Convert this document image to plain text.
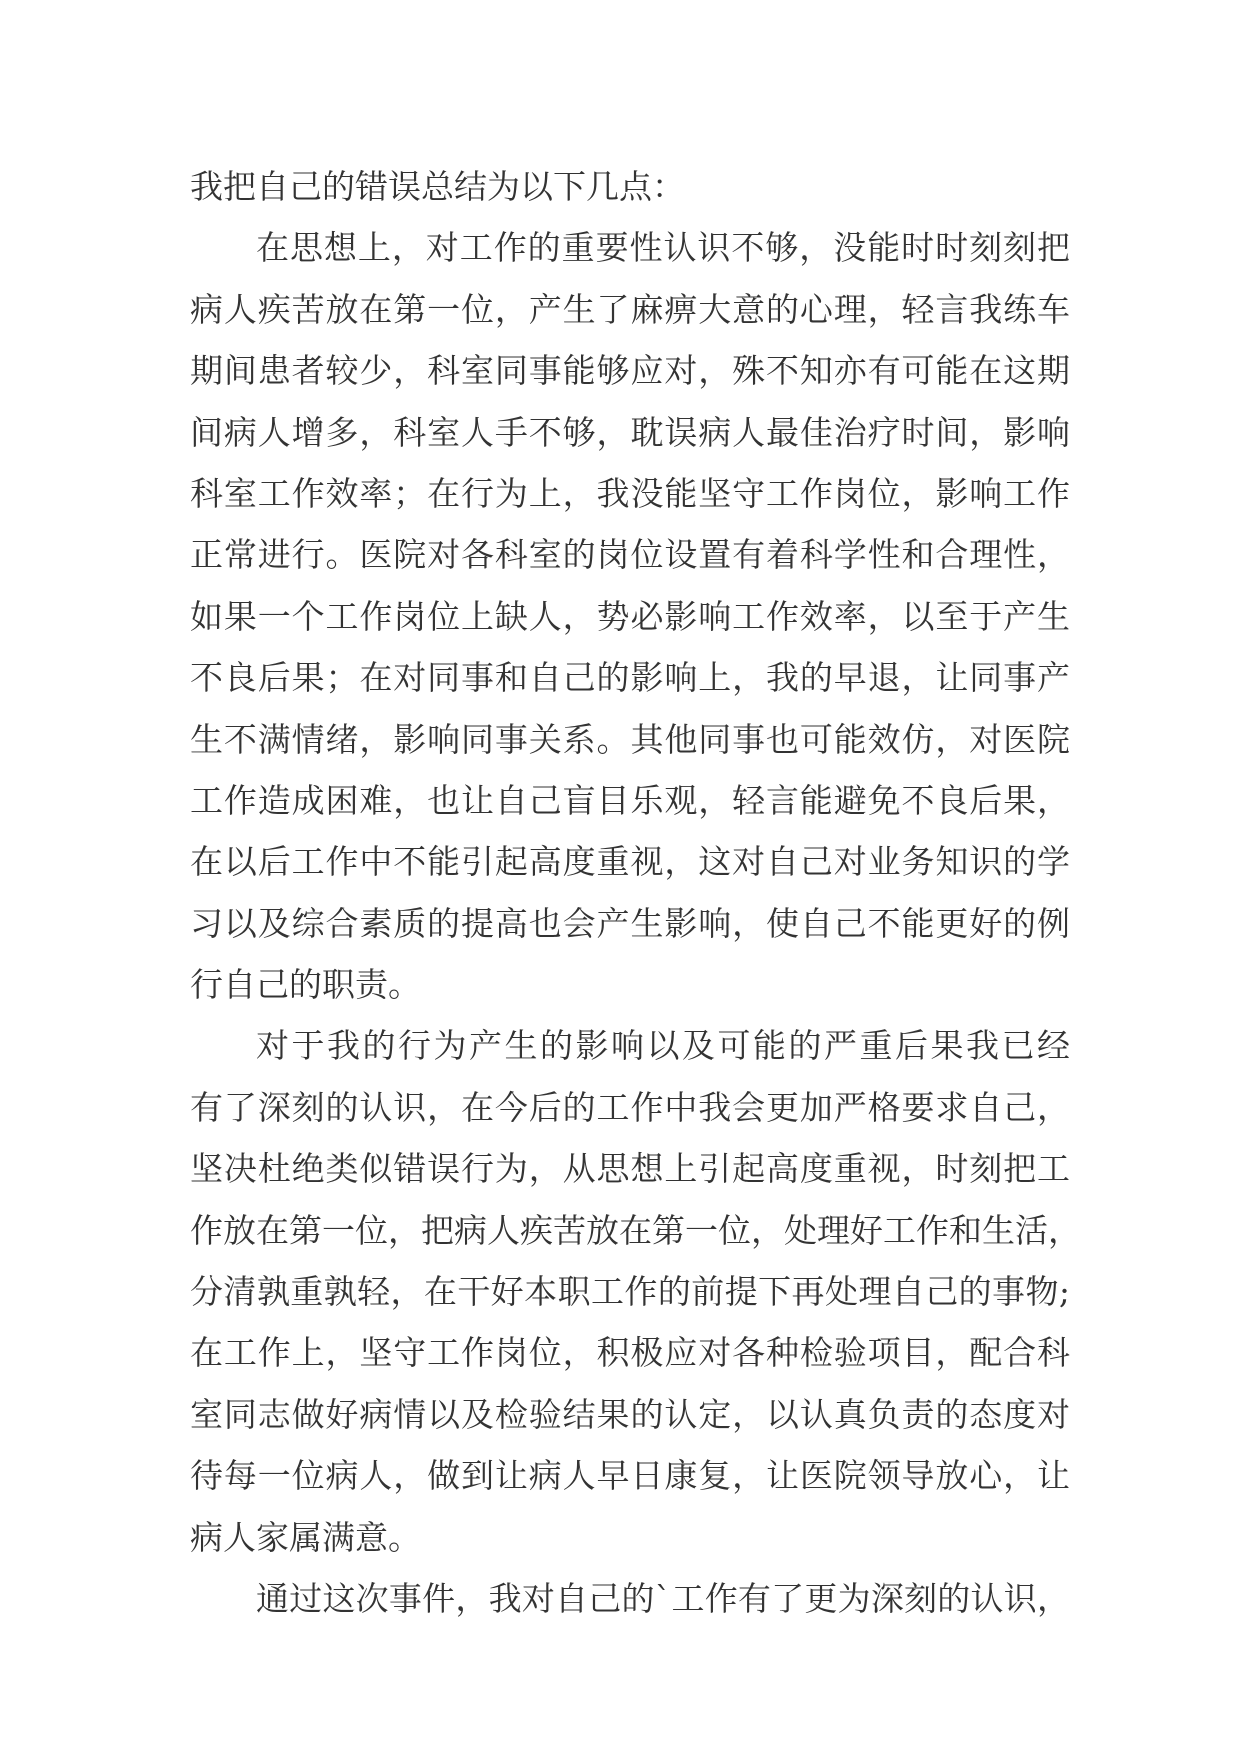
我把自己的错误总结为以下几点：
在思想上，对工作的重要性认识不够，没能时时刻刻把
病人疾苦放在第一位，产生了麻痹大意的心理，轻言我练车
期间患者较少，科室同事能够应对，殊不知亦有可能在这期
间病人增多，科室人手不够，耽误病人最佳治疗时间，影响
科室工作效率；在行为上，我没能坚守工作岗位，影响工作
正常进行。医院对各科室的岗位设置有着科学性和合理性，
如果一个工作岗位上缺人，势必影响工作效率，以至于产生
不良后果；在对同事和自己的影响上，我的早退，让同事产
生不满情绪，影响同事关系。其他同事也可能效仿，对医院
工作造成困难，也让自己盲目乐观，轻言能避免不良后果，
在以后工作中不能引起高度重视，这对自己对业务知识的学
习以及综合素质的提高也会产生影响，使自己不能更好的例
行自己的职责。
对于我的行为产生的影响以及可能的严重后果我已经
有了深刻的认识，在今后的工作中我会更加严格要求自己，
坚决杜绝类似错误行为，从思想上引起高度重视，时刻把工
作放在第一位，把病人疾苦放在第一位，处理好工作和生活，
分清孰重孰轻，在干好本职工作的前提下再处理自己的事物;
在工作上，坚守工作岗位，积极应对各种检验项目，配合科
室同志做好病情以及检验结果的认定，以认真负责的态度对
待每一位病人，做到让病人早日康复，让医院领导放心，让
病人家属满意。
通过这次事件，我对自己的`工作有了更为深刻的认识，
